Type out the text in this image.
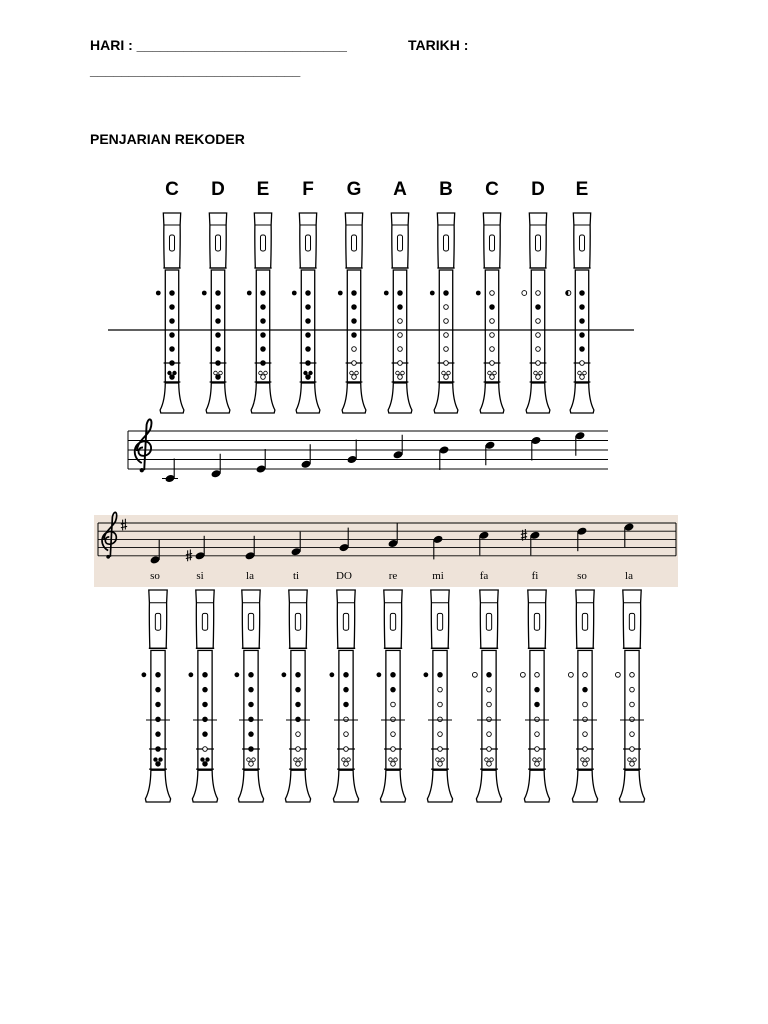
HARI : ___________________________	TARIKH :
___________________________
PENJARIAN REKODER
C D E F G A B C D E
so	si	la	ti	DO	re	mi	fa	fi	so	la
